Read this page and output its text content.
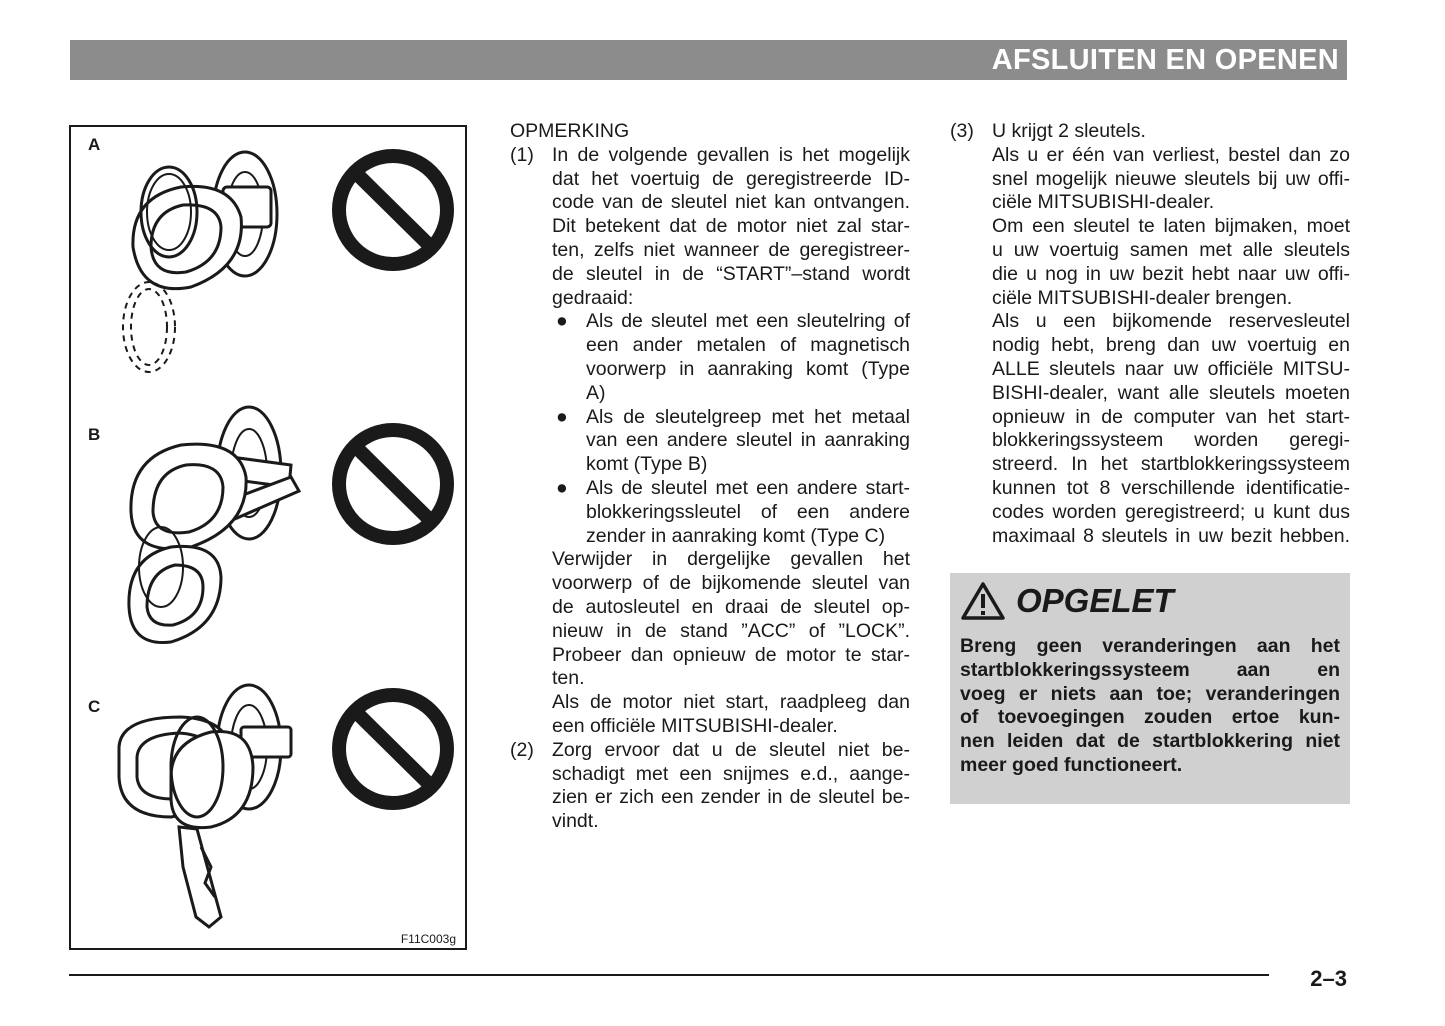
AFSLUITEN EN OPENEN
A
B
C
F11C003g
OPMERKING
(1) In de volgende gevallen is het mogelijk
dat het voertuig de geregistreerde ID-
code van de sleutel niet kan ontvangen.
Dit betekent dat de motor niet zal star-
ten, zelfs niet wanneer de geregistreer-
de sleutel in de “START”–stand wordt
gedraaid:
● Als de sleutel met een sleutelring of
een ander metalen of magnetisch
voorwerp in aanraking komt (Type
A)
● Als de sleutelgreep met het metaal
van een andere sleutel in aanraking
komt (Type B)
● Als de sleutel met een andere start-
blokkeringssleutel of een andere
zender in aanraking komt (Type C)
Verwijder in dergelijke gevallen het
voorwerp of de bijkomende sleutel van
de autosleutel en draai de sleutel op-
nieuw in de stand ”ACC” of ”LOCK”.
Probeer dan opnieuw de motor te star-
ten.
Als de motor niet start, raadpleeg dan
een officiële MITSUBISHI-dealer.
(2) Zorg ervoor dat u de sleutel niet be-
schadigt met een snijmes e.d., aange-
zien er zich een zender in de sleutel be-
vindt.
(3) U krijgt 2 sleutels.
Als u er één van verliest, bestel dan zo
snel mogelijk nieuwe sleutels bij uw offi-
ciële MITSUBISHI-dealer.
Om een sleutel te laten bijmaken, moet
u uw voertuig samen met alle sleutels
die u nog in uw bezit hebt naar uw offi-
ciële MITSUBISHI-dealer brengen.
Als u een bijkomende reservesleutel
nodig hebt, breng dan uw voertuig en
ALLE sleutels naar uw officiële MITSU-
BISHI-dealer, want alle sleutels moeten
opnieuw in de computer van het start-
blokkeringssysteem worden geregi-
streerd. In het startblokkeringssysteem
kunnen tot 8 verschillende identificatie-
codes worden geregistreerd; u kunt dus
maximaal 8 sleutels in uw bezit hebben.
OPGELET
Breng geen veranderingen aan het
startblokkeringssysteem aan en
voeg er niets aan toe; veranderingen
of toevoegingen zouden ertoe kun-
nen leiden dat de startblokkering niet
meer goed functioneert.
2–3
